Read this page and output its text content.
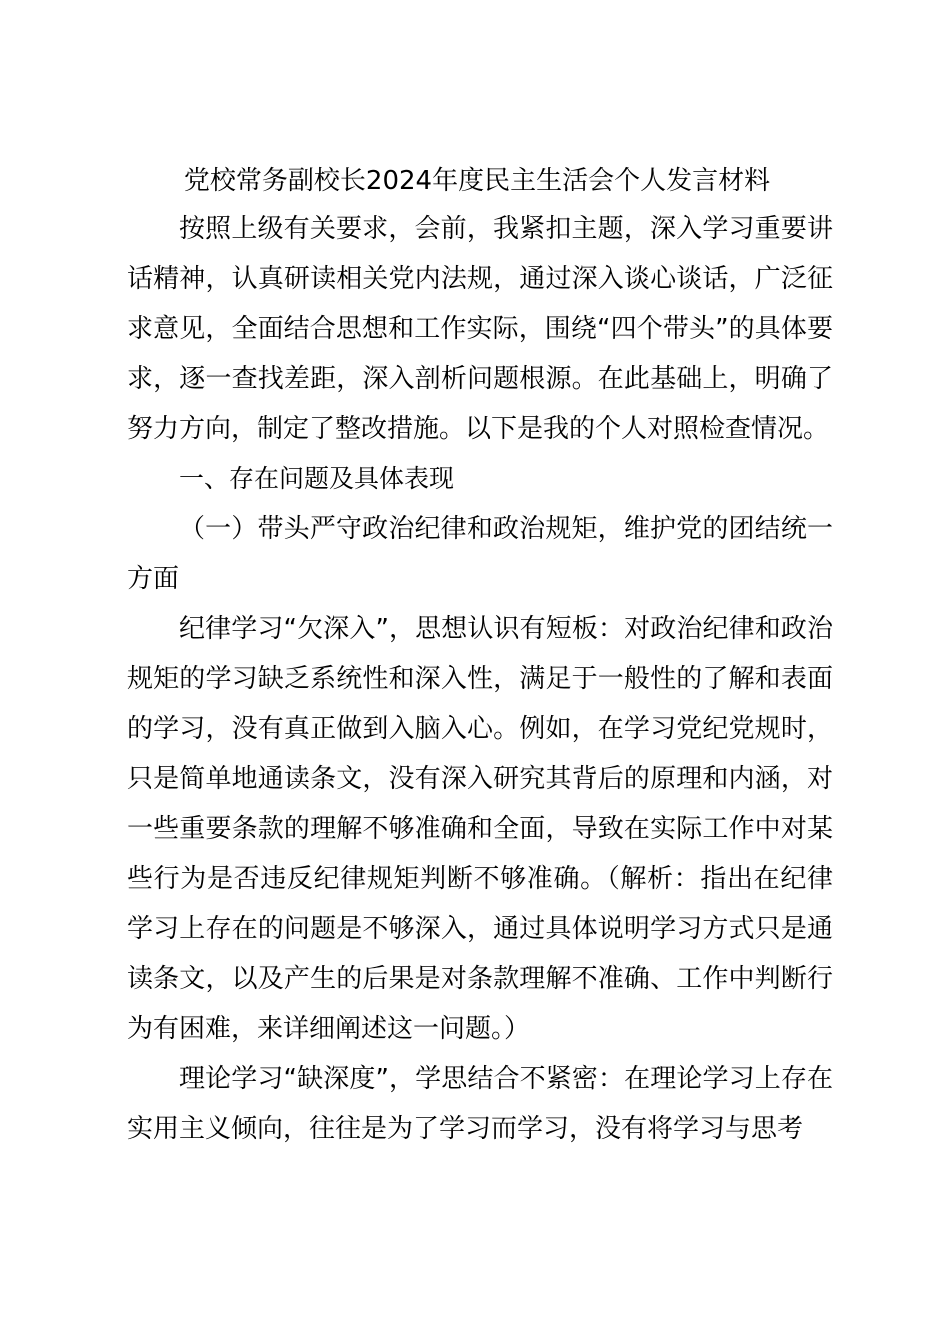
党校常务副校长2024年度民主生活会个人发言材料

按照上级有关要求，会前，我紧扣主题，深入学习重要讲话精神，认真研读相关党内法规，通过深入谈心谈话，广泛征求意见，全面结合思想和工作实际，围绕“四个带头”的具体要求，逐一查找差距，深入剖析问题根源。在此基础上，明确了努力方向，制定了整改措施。以下是我的个人对照检查情况。

一、存在问题及具体表现

（一）带头严守政治纪律和政治规矩，维护党的团结统一方面

纪律学习“欠深入”，思想认识有短板：对政治纪律和政治规矩的学习缺乏系统性和深入性，满足于一般性的了解和表面的学习，没有真正做到入脑入心。例如，在学习党纪党规时，只是简单地通读条文，没有深入研究其背后的原理和内涵，对一些重要条款的理解不够准确和全面，导致在实际工作中对某些行为是否违反纪律规矩判断不够准确。（解析：指出在纪律学习上存在的问题是不够深入，通过具体说明学习方式只是通读条文，以及产生的后果是对条款理解不准确、工作中判断行为有困难，来详细阐述这一问题。）

理论学习“缺深度”，学思结合不紧密：在理论学习上存在实用主义倾向，往往是为了学习而学习，没有将学习与思考
